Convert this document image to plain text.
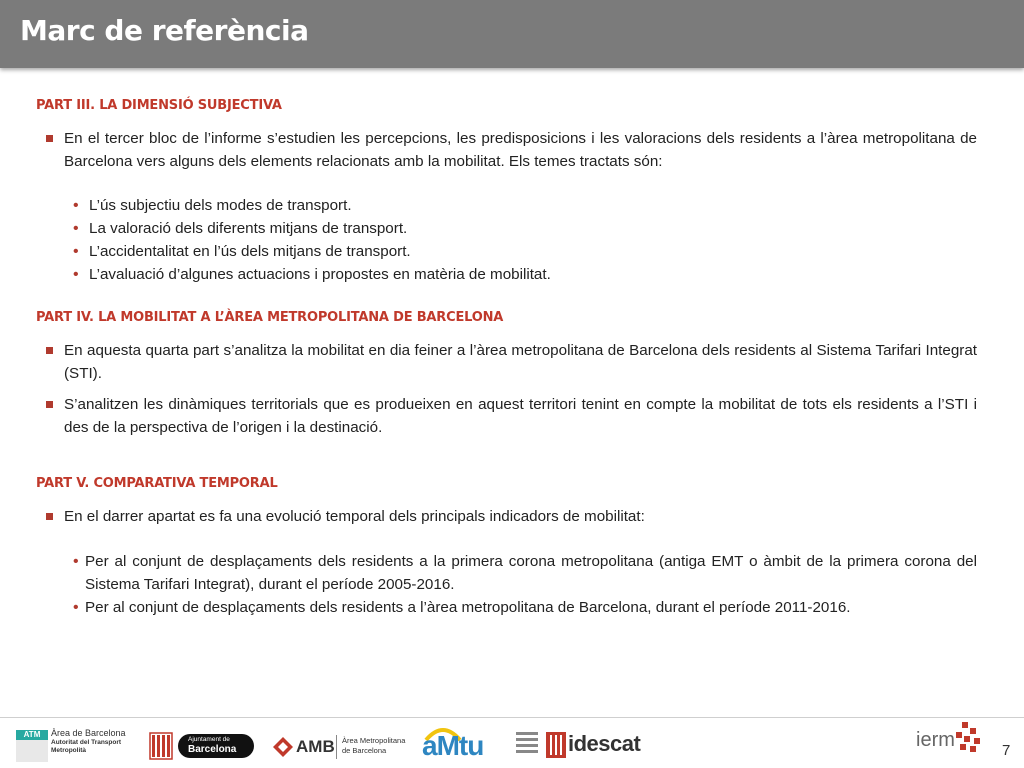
Marc de referència
PART III. LA DIMENSIÓ SUBJECTIVA
En el tercer bloc de l’informe s’estudien les percepcions, les predisposicions i les valoracions dels residents a l’àrea metropolitana de Barcelona vers alguns dels elements relacionats amb la mobilitat. Els temes tractats són:
• L’ús subjectiu dels modes de transport.
• La valoració dels diferents mitjans de transport.
• L’accidentalitat en l’ús dels mitjans de transport.
• L’avaluació d’algunes actuacions i propostes en matèria de mobilitat.
PART IV. LA MOBILITAT A L’ÀREA METROPOLITANA DE BARCELONA
En aquesta quarta part s’analitza la mobilitat en dia feiner a l’àrea metropolitana de Barcelona dels residents al Sistema Tarifari Integrat (STI).
S’analitzen les dinàmiques territorials que es produeixen en aquest territori tenint en compte la mobilitat de tots els residents a l’STI i des de la perspectiva de l’origen i la destinació.
PART V. COMPARATIVA TEMPORAL
En el darrer apartat es fa una evolució temporal dels principals indicadors de mobilitat:
• Per al conjunt de desplaçaments dels residents a la primera corona metropolitana (antiga EMT o àmbit de la primera corona del Sistema Tarifari Integrat), durant el període 2005-2016.
• Per al conjunt de desplaçaments dels residents a l’àrea metropolitana de Barcelona, durant el període 2011-2016.
ATM	Àrea de Barcelona
Autoritat del Transport
Metropolità
Ajuntament de
Barcelona	AMB Àrea Metropolitana
de Barcelona aMtu	idescat	ierm	7
